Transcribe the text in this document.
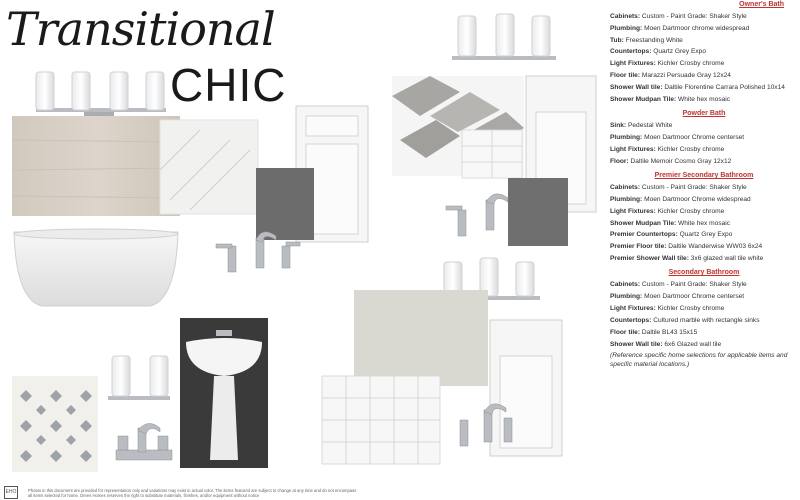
Transitional
CHIC
Owner's Bath
Cabinets: Custom - Paint Grade: Shaker Style
Plumbing: Moen Dartmoor chrome widespread
Tub: Freestanding White
Countertops: Quartz Grey Expo
Light Fixtures: Kichler Crosby chrome
Floor tile: Marazzi Persuade Gray 12x24
Shower Wall tile: Daltile Florentine Carrara Polished 10x14
Shower Mudpan Tile: White hex mosaic
Powder Bath
Sink: Pedestal White
Plumbing: Moen Dartmoor Chrome centerset
Light Fixtures: Kichler Crosby chrome
Floor: Daltile Memoir Cosmo Gray 12x12
Premier Secondary Bathroom
Cabinets: Custom - Paint Grade: Shaker Style
Plumbing: Moen Dartmoor Chrome widespread
Light Fixtures: Kichler Crosby chrome
Shower Mudpan Tile: White hex mosaic
Premier Countertops: Quartz Grey Expo
Premier Floor tile: Daltile Wanderwise WW03 6x24
Premier Shower Wall tile: 3x6 glazed wall tile white
Secondary Bathroom
Cabinets: Custom - Paint Grade: Shaker Style
Plumbing: Moen Dartmoor Chrome centerset
Light Fixtures: Kichler Crosby chrome
Countertops: Cultured marble with rectangle sinks
Floor tile: Daltile BL43 15x15
Shower Wall tile: 6x6 Glazed wall tile
(Reference specific home selections for applicable items and specific material locations.)
EHO	Photos in this document are provided for representation only and variations may exist in actual color. The items featured are subject to change at any time and do not encompass all items selected for home. Drees Homes reserves the right to substitute materials, finishes, and/or equipment without notice
